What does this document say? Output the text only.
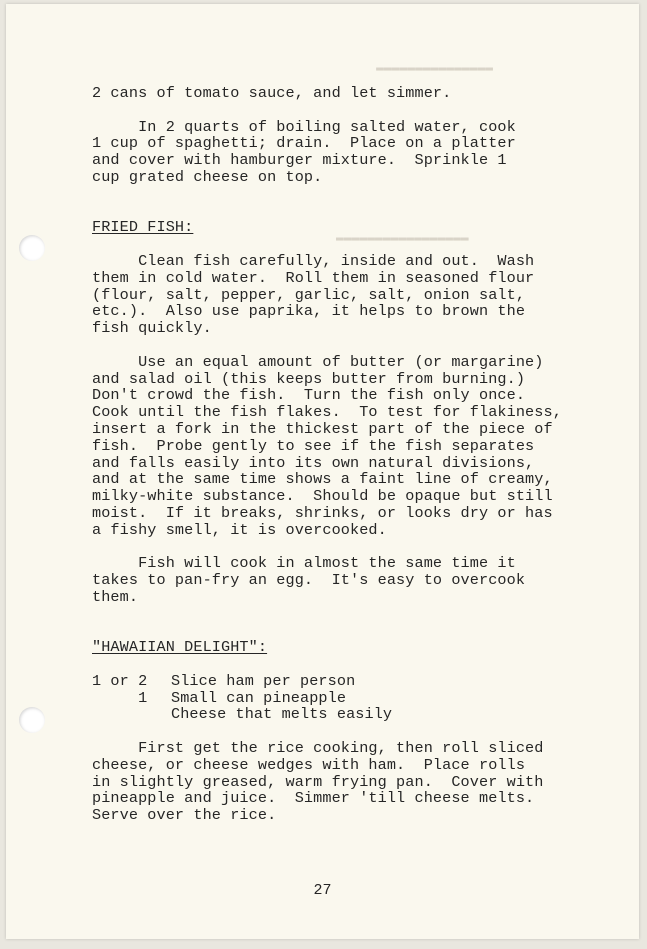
▬▬▬▬▬▬▬▬▬▬▬▬▬▬▬
▬▬▬▬▬▬▬▬▬▬▬▬▬▬▬▬▬

2 cans of tomato sauce, and let simmer.

In 2 quarts of boiling salted water, cook

1 cup of spaghetti; drain.  Place on a platter

and cover with hamburger mixture.  Sprinkle 1

cup grated cheese on top.

FRIED FISH:

Clean fish carefully, inside and out.  Wash

them in cold water.  Roll them in seasoned flour

(flour, salt, pepper, garlic, salt, onion salt,

etc.).  Also use paprika, it helps to brown the

fish quickly.

Use an equal amount of butter (or margarine)

and salad oil (this keeps butter from burning.)

Don't crowd the fish.  Turn the fish only once.

Cook until the fish flakes.  To test for flakiness,

insert a fork in the thickest part of the piece of

fish.  Probe gently to see if the fish separates

and falls easily into its own natural divisions,

and at the same time shows a faint line of creamy,

milky-white substance.  Should be opaque but still

moist.  If it breaks, shrinks, or looks dry or has

a fishy smell, it is overcooked.

Fish will cook in almost the same time it

takes to pan-fry an egg.  It's easy to overcook

them.

"HAWAIIAN DELIGHT":

1 or 2	Slice ham per person
1	Small can pineapple
Cheese that melts easily

First get the rice cooking, then roll sliced

cheese, or cheese wedges with ham.  Place rolls

in slightly greased, warm frying pan.  Cover with

pineapple and juice.  Simmer 'till cheese melts.

Serve over the rice.

27
